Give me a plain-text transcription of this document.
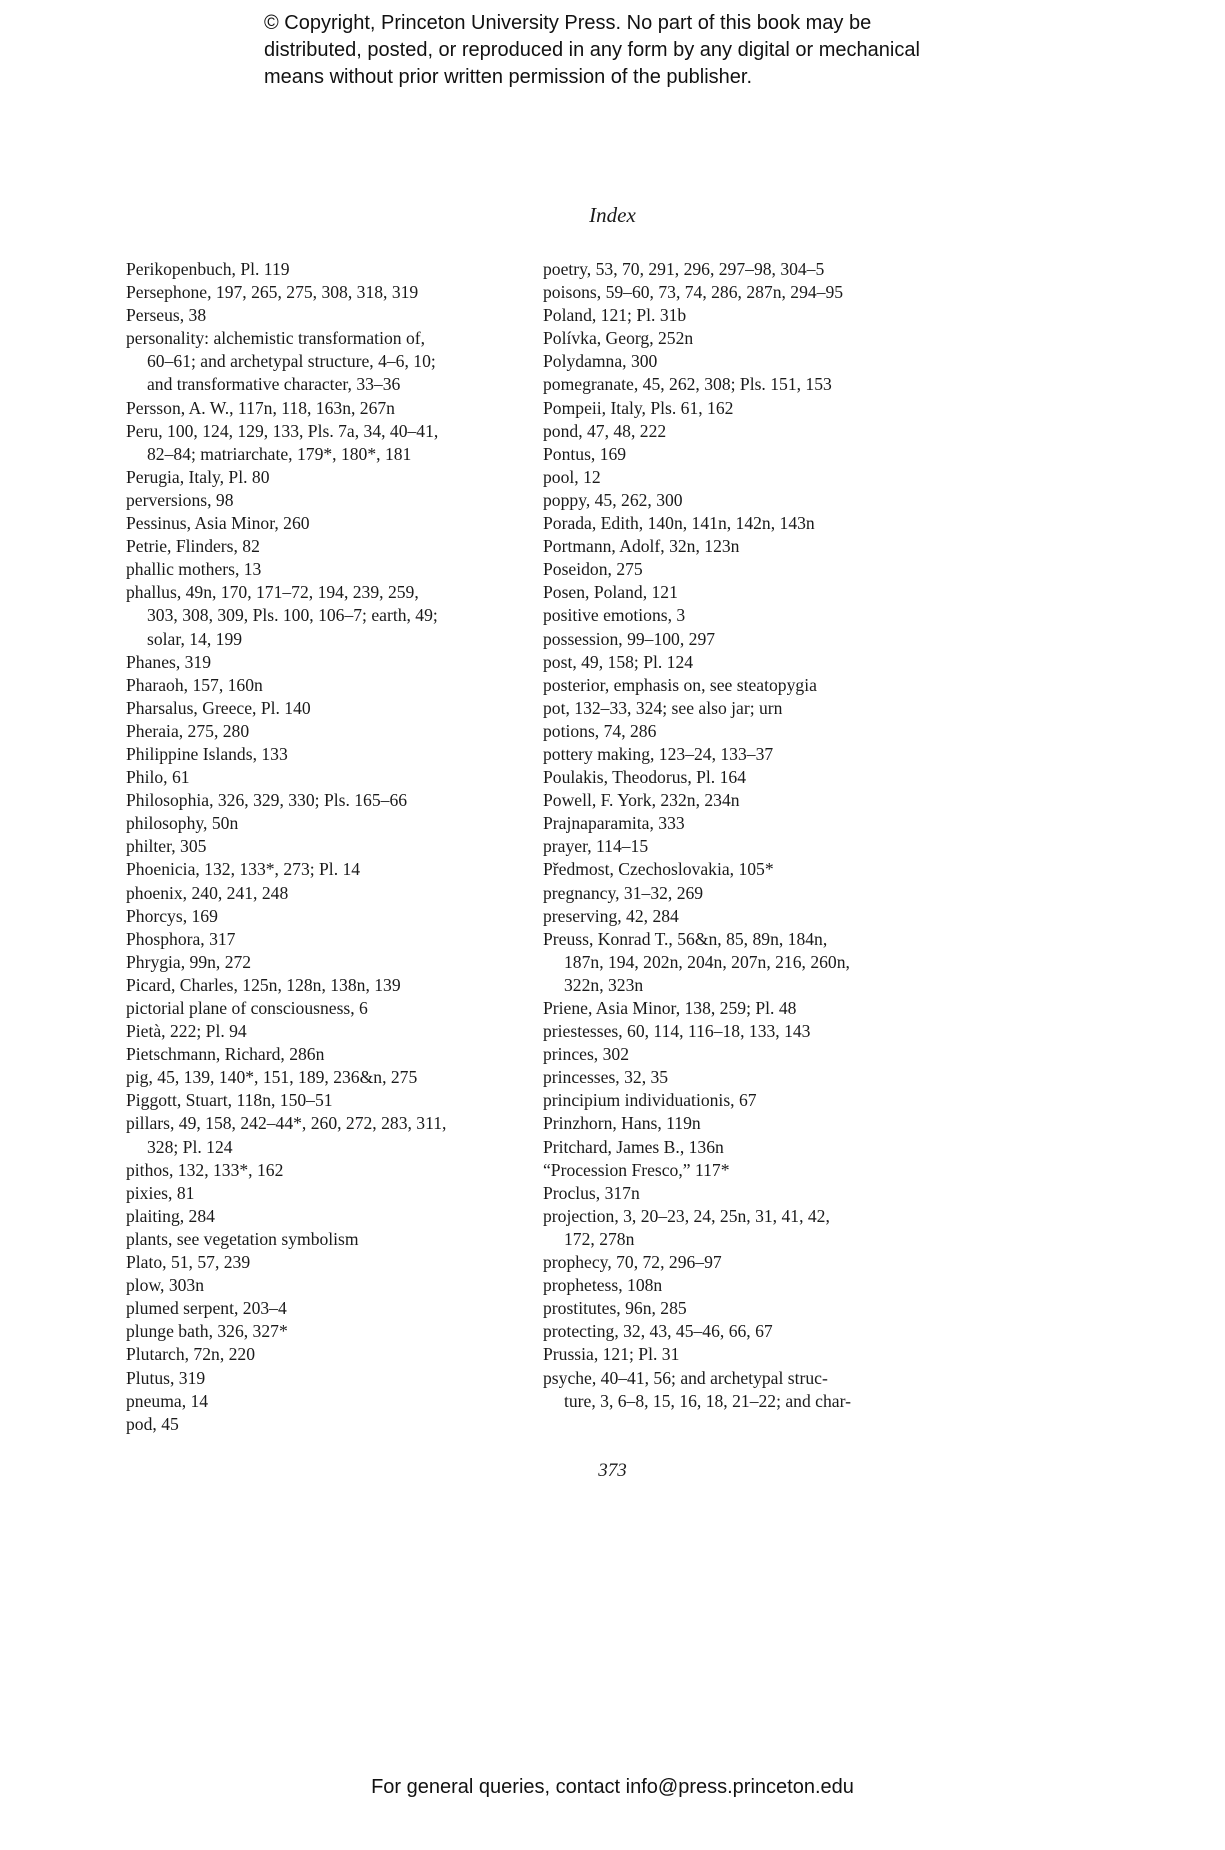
© Copyright, Princeton University Press. No part of this book may be
distributed, posted, or reproduced in any form by any digital or mechanical
means without prior written permission of the publisher.
Index
Perikopenbuch, Pl. 119
Persephone, 197, 265, 275, 308, 318, 319
Perseus, 38
personality: alchemistic transformation of,
60–61; and archetypal structure, 4–6, 10;
and transformative character, 33–36
Persson, A. W., 117n, 118, 163n, 267n
Peru, 100, 124, 129, 133, Pls. 7a, 34, 40–41,
82–84; matriarchate, 179*, 180*, 181
Perugia, Italy, Pl. 80
perversions, 98
Pessinus, Asia Minor, 260
Petrie, Flinders, 82
phallic mothers, 13
phallus, 49n, 170, 171–72, 194, 239, 259,
303, 308, 309, Pls. 100, 106–7; earth, 49;
solar, 14, 199
Phanes, 319
Pharaoh, 157, 160n
Pharsalus, Greece, Pl. 140
Pheraia, 275, 280
Philippine Islands, 133
Philo, 61
Philosophia, 326, 329, 330; Pls. 165–66
philosophy, 50n
philter, 305
Phoenicia, 132, 133*, 273; Pl. 14
phoenix, 240, 241, 248
Phorcys, 169
Phosphora, 317
Phrygia, 99n, 272
Picard, Charles, 125n, 128n, 138n, 139
pictorial plane of consciousness, 6
Pietà, 222; Pl. 94
Pietschmann, Richard, 286n
pig, 45, 139, 140*, 151, 189, 236&n, 275
Piggott, Stuart, 118n, 150–51
pillars, 49, 158, 242–44*, 260, 272, 283, 311,
328; Pl. 124
pithos, 132, 133*, 162
pixies, 81
plaiting, 284
plants, see vegetation symbolism
Plato, 51, 57, 239
plow, 303n
plumed serpent, 203–4
plunge bath, 326, 327*
Plutarch, 72n, 220
Plutus, 319
pneuma, 14
pod, 45
poetry, 53, 70, 291, 296, 297–98, 304–5
poisons, 59–60, 73, 74, 286, 287n, 294–95
Poland, 121; Pl. 31b
Polívka, Georg, 252n
Polydamna, 300
pomegranate, 45, 262, 308; Pls. 151, 153
Pompeii, Italy, Pls. 61, 162
pond, 47, 48, 222
Pontus, 169
pool, 12
poppy, 45, 262, 300
Porada, Edith, 140n, 141n, 142n, 143n
Portmann, Adolf, 32n, 123n
Poseidon, 275
Posen, Poland, 121
positive emotions, 3
possession, 99–100, 297
post, 49, 158; Pl. 124
posterior, emphasis on, see steatopygia
pot, 132–33, 324; see also jar; urn
potions, 74, 286
pottery making, 123–24, 133–37
Poulakis, Theodorus, Pl. 164
Powell, F. York, 232n, 234n
Prajnaparamita, 333
prayer, 114–15
Předmost, Czechoslovakia, 105*
pregnancy, 31–32, 269
preserving, 42, 284
Preuss, Konrad T., 56&n, 85, 89n, 184n,
187n, 194, 202n, 204n, 207n, 216, 260n,
322n, 323n
Priene, Asia Minor, 138, 259; Pl. 48
priestesses, 60, 114, 116–18, 133, 143
princes, 302
princesses, 32, 35
principium individuationis, 67
Prinzhorn, Hans, 119n
Pritchard, James B., 136n
“Procession Fresco,” 117*
Proclus, 317n
projection, 3, 20–23, 24, 25n, 31, 41, 42,
172, 278n
prophecy, 70, 72, 296–97
prophetess, 108n
prostitutes, 96n, 285
protecting, 32, 43, 45–46, 66, 67
Prussia, 121; Pl. 31
psyche, 40–41, 56; and archetypal struc-
ture, 3, 6–8, 15, 16, 18, 21–22; and char-
373
For general queries, contact info@press.princeton.edu
